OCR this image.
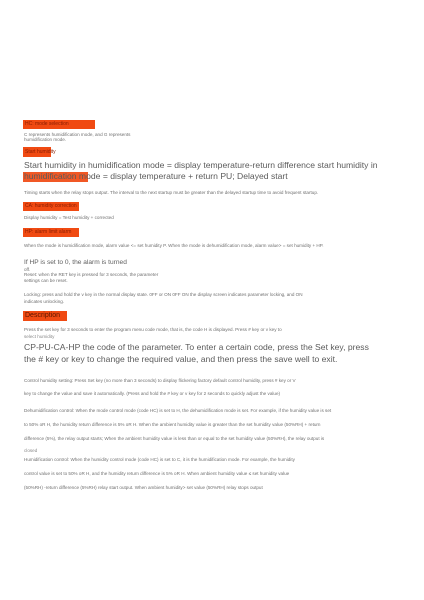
HC: mode selection

C represents humidification mode, and G represents

humidification mode.

Start humidity

Start humidity in humidification mode = display temperature-return difference start humidity in

humidification mode = display temperature + return PU; Delayed start

Timing starts when the relay stops output. The interval to the next startup must be greater than the delayed startup time to avoid frequent startup.

CA: humidity correction

Display humidity = Test humidity + corrected

HP: alarm limit alarm

When the mode is humidification mode, alarm value <= set humidity P. When the mode is dehumidification mode, alarm value> = set humidity + HP.

If HP is set to 0, the alarm is turned

off.

Reset: when the RET key is pressed for 3 seconds, the parameter

settings can be reset.

Locking: press and hold the v key in the normal display state. 0FF or ON 0FF ON the display screen indicates parameter locking, and ON

indicates unlocking.

Description

Press the set key for 3 seconds to enter the program menu code mode, that is, the code H is displayed. Press # key or v key to

select humidity

CP-PU-CA-HP the code of the parameter. To enter a certain code, press the Set key, press

the # key or key to change the required value, and then press the save well to exit.

Control humidity setting: Press Set key (no more than 3 seconds) to display flickering factory default control humidity, press # key or V

key to change the value and save it automatically. (Press and hold the # key or v key for 2 seconds to quickly adjust the value)

Dehumidification control: When the mode control mode (code HC) is set to H, the dehumidification mode is set. For example, if the humidity value is set

to 50% oR H, the humidity return difference is 5% oR H. When the ambient humidity value is greater than the set humidity value (50%RH) + return

difference (5%), the relay output starts; When the ambient humidity value is less than or equal to the set humidity value (50%RH), the relay output is

closed

Humidification control: When the humidity control mode (code HC) is set to C, it is the humidification mode. For example, the humidity

control value is set to 50% oR H, and the humidity return difference is 5% oR H. When ambient humidity value ≤ set humidity value

(50%RH) -return difference (5%RH) relay start output. When ambient humidity> set value (50%RH) relay stops output
